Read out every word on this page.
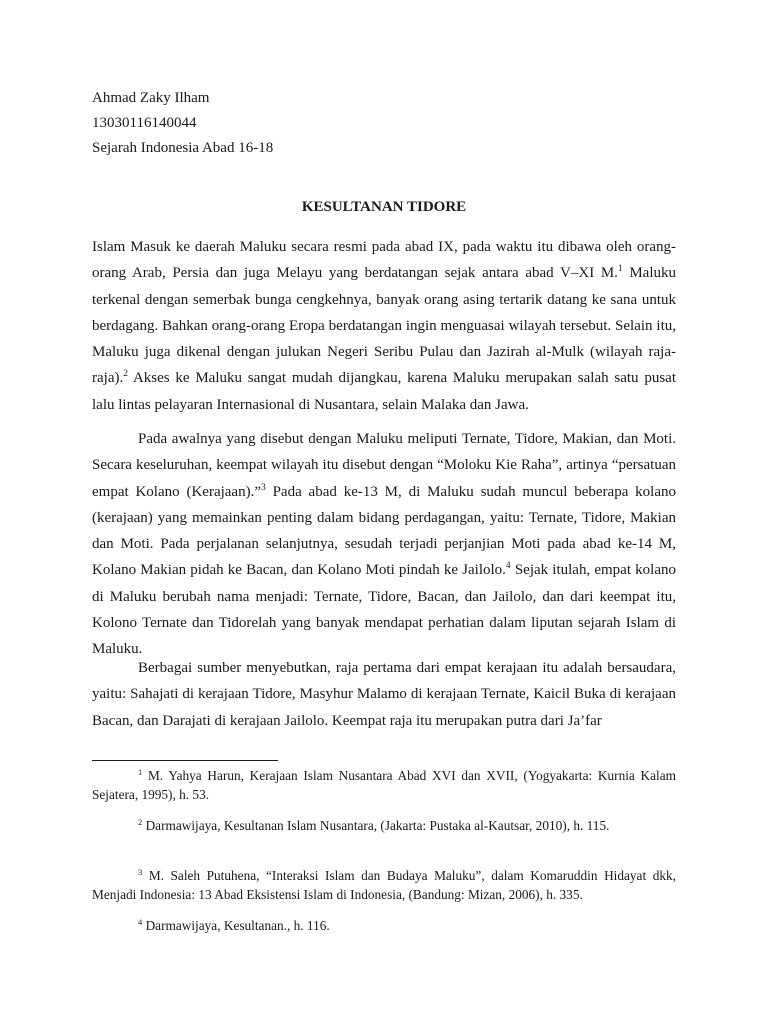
Ahmad Zaky Ilham
13030116140044
Sejarah Indonesia Abad 16-18
KESULTANAN TIDORE

Islam Masuk ke daerah Maluku secara resmi pada abad IX, pada waktu itu dibawa oleh orang-orang Arab, Persia dan juga Melayu yang berdatangan sejak antara abad V–XI M.$^1$ Maluku terkenal dengan semerbak bunga cengkehnya, banyak orang asing tertarik datang ke sana untuk berdagang. Bahkan orang-orang Eropa berdatangan ingin menguasai wilayah tersebut. Selain itu, Maluku juga dikenal dengan julukan Negeri Seribu Pulau dan Jazirah al-Mulk (wilayah raja-raja).$^2$ Akses ke Maluku sangat mudah dijangkau, karena Maluku merupakan salah satu pusat lalu lintas pelayaran Internasional di Nusantara, selain Malaka dan Jawa.

Pada awalnya yang disebut dengan Maluku meliputi Ternate, Tidore, Makian, dan Moti. Secara keseluruhan, keempat wilayah itu disebut dengan “Moloku Kie Raha”, artinya “persatuan empat Kolano (Kerajaan).”$^3$ Pada abad ke-13 M, di Maluku sudah muncul beberapa kolano (kerajaan) yang memainkan penting dalam bidang perdagangan, yaitu: Ternate, Tidore, Makian dan Moti. Pada perjalanan selanjutnya, sesudah terjadi perjanjian Moti pada abad ke-14 M, Kolano Makian pidah ke Bacan, dan Kolano Moti pindah ke Jailolo.$^4$ Sejak itulah, empat kolano di Maluku berubah nama menjadi: Ternate, Tidore, Bacan, dan Jailolo, dan dari keempat itu, Kolono Ternate dan Tidorelah yang banyak mendapat perhatian dalam liputan sejarah Islam di Maluku.

Berbagai sumber menyebutkan, raja pertama dari empat kerajaan itu adalah bersaudara, yaitu: Sahajati di kerajaan Tidore, Masyhur Malamo di kerajaan Ternate, Kaicil Buka di kerajaan Bacan, dan Darajati di kerajaan Jailolo. Keempat raja itu merupakan putra dari Ja’far

$^1$ M. Yahya Harun, Kerajaan Islam Nusantara Abad XVI dan XVII, (Yogyakarta: Kurnia Kalam Sejatera, 1995), h. 53.

$^2$ Darmawijaya, Kesultanan Islam Nusantara, (Jakarta: Pustaka al-Kautsar, 2010), h. 115.

$^3$ M. Saleh Putuhena, “Interaksi Islam dan Budaya Maluku”, dalam Komaruddin Hidayat dkk, Menjadi Indonesia: 13 Abad Eksistensi Islam di Indonesia, (Bandung: Mizan, 2006), h. 335.

$^4$ Darmawijaya, Kesultanan., h. 116.
